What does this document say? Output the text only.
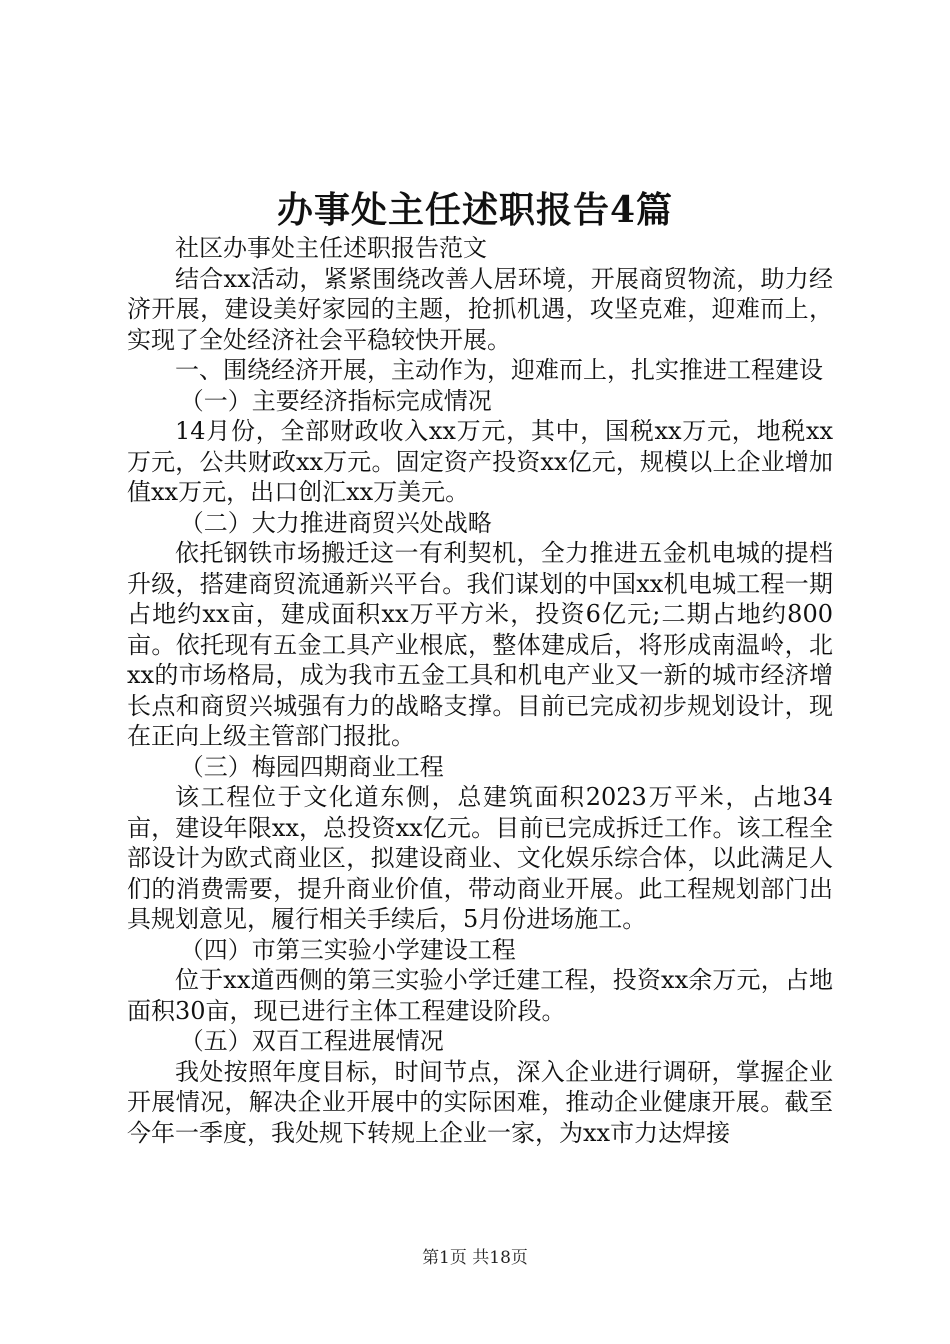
办事处主任述职报告4篇

社区办事处主任述职报告范文

结合xx活动，紧紧围绕改善人居环境，开展商贸物流，助力经济开展，建设美好家园的主题，抢抓机遇，攻坚克难，迎难而上，实现了全处经济社会平稳较快开展。

一、围绕经济开展，主动作为，迎难而上，扎实推进工程建设

（一）主要经济指标完成情况

14月份，全部财政收入xx万元，其中，国税xx万元，地税xx万元，公共财政xx万元。固定资产投资xx亿元，规模以上企业增加值xx万元，出口创汇xx万美元。

（二）大力推进商贸兴处战略

依托钢铁市场搬迁这一有利契机，全力推进五金机电城的提档升级，搭建商贸流通新兴平台。我们谋划的中国xx机电城工程一期占地约xx亩，建成面积xx万平方米，投资6亿元;二期占地约800亩。依托现有五金工具产业根底，整体建成后，将形成南温岭，北xx的市场格局，成为我市五金工具和机电产业又一新的城市经济增长点和商贸兴城强有力的战略支撑。目前已完成初步规划设计，现在正向上级主管部门报批。

（三）梅园四期商业工程

该工程位于文化道东侧，总建筑面积2023万平米，占地34亩，建设年限xx，总投资xx亿元。目前已完成拆迁工作。该工程全部设计为欧式商业区，拟建设商业、文化娱乐综合体，以此满足人们的消费需要，提升商业价值，带动商业开展。此工程规划部门出具规划意见，履行相关手续后，5月份进场施工。

（四）市第三实验小学建设工程

位于xx道西侧的第三实验小学迁建工程，投资xx余万元，占地面积30亩，现已进行主体工程建设阶段。

（五）双百工程进展情况

我处按照年度目标，时间节点，深入企业进行调研，掌握企业开展情况，解决企业开展中的实际困难，推动企业健康开展。截至今年一季度，我处规下转规上企业一家，为xx市力达焊接

第1页 共18页
